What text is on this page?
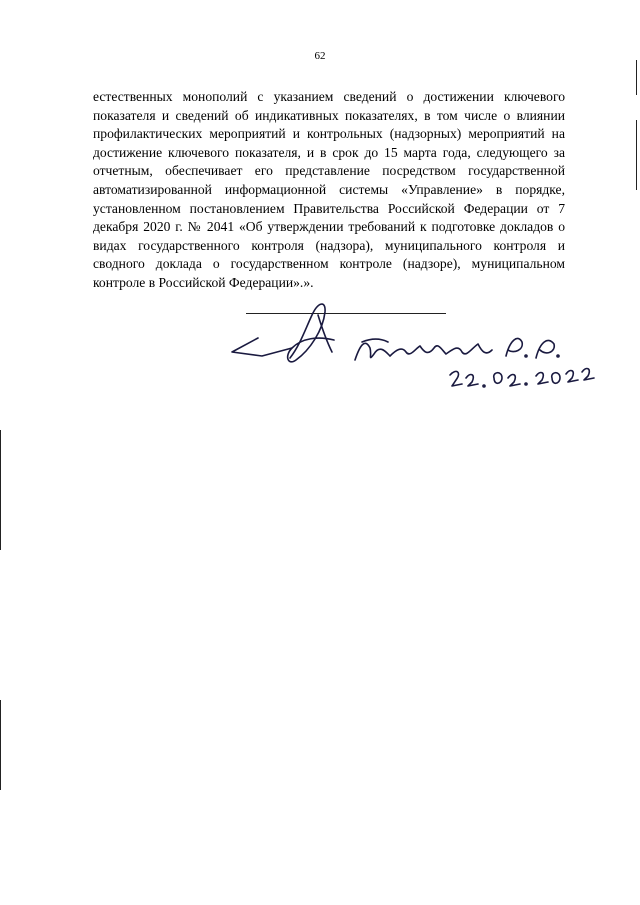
62

естественных монополий с указанием сведений о достижении ключевого показателя и сведений об индикативных показателях, в том числе о влиянии профилактических мероприятий и контрольных (надзорных) мероприятий на достижение ключевого показателя, и в срок до 15 марта года, следующего за отчетным, обеспечивает его представление посредством государственной автоматизированной информационной системы «Управление» в порядке, установленном постановлением Правительства Российской Федерации от 7 декабря 2020 г. № 2041 «Об утверждении требований к подготовке докладов о видах государственного контроля (надзора), муниципального контроля и сводного доклада о государственном контроле (надзоре), муниципальном контроле в Российской Федерации».».
